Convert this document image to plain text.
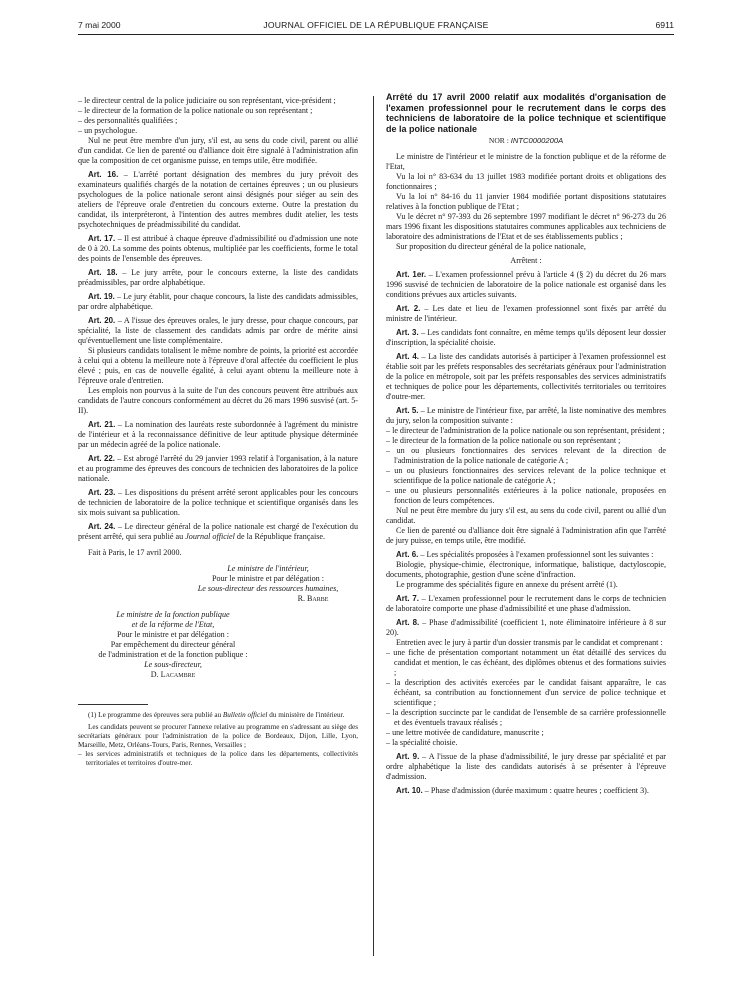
7 mai 2000	JOURNAL OFFICIEL DE LA RÉPUBLIQUE FRANÇAISE	6911

– le directeur central de la police judiciaire ou son représentant, vice-président ;

– le directeur de la formation de la police nationale ou son représentant ;

– des personnalités qualifiées ;

– un psychologue.

Nul ne peut être membre d'un jury, s'il est, au sens du code civil, parent ou allié d'un candidat. Ce lien de parenté ou d'alliance doit être signalé à l'administration afin que la composition de cet organisme puisse, en temps utile, être modifiée.

Art. 16. – L'arrêté portant désignation des membres du jury prévoit des examinateurs qualifiés chargés de la notation de certaines épreuves ; un ou plusieurs psychologues de la police nationale seront ainsi désignés pour siéger au sein des ateliers de l'épreuve orale d'entretien du concours externe. Outre la prestation du candidat, ils interpréteront, à l'intention des autres membres dudit atelier, les tests psychotechniques de préadmissibilité du candidat.

Art. 17. – Il est attribué à chaque épreuve d'admissibilité ou d'admission une note de 0 à 20. La somme des points obtenus, multipliée par les coefficients, forme le total des points de l'ensemble des épreuves.

Art. 18. – Le jury arrête, pour le concours externe, la liste des candidats préadmissibles, par ordre alphabétique.

Art. 19. – Le jury établit, pour chaque concours, la liste des candidats admissibles, par ordre alphabétique.

Art. 20. – A l'issue des épreuves orales, le jury dresse, pour chaque concours, par spécialité, la liste de classement des candidats admis par ordre de mérite ainsi qu'éventuellement une liste complémentaire.

Si plusieurs candidats totalisent le même nombre de points, la priorité est accordée à celui qui a obtenu la meilleure note à l'épreuve d'oral affectée du coefficient le plus élevé ; puis, en cas de nouvelle égalité, à celui ayant obtenu la meilleure note à l'épreuve orale d'entretien.

Les emplois non pourvus à la suite de l'un des concours peuvent être attribués aux candidats de l'autre concours conformément au décret du 26 mars 1996 susvisé (art. 5-II).

Art. 21. – La nomination des lauréats reste subordonnée à l'agrément du ministre de l'intérieur et à la reconnaissance définitive de leur aptitude physique déterminée par un médecin agréé de la police nationale.

Art. 22. – Est abrogé l'arrêté du 29 janvier 1993 relatif à l'organisation, à la nature et au programme des épreuves des concours de technicien des laboratoires de la police nationale.

Art. 23. – Les dispositions du présent arrêté seront applicables pour les concours de technicien de laboratoire de la police technique et scientifique organisés dans les six mois suivant sa publication.

Art. 24. – Le directeur général de la police nationale est chargé de l'exécution du présent arrêté, qui sera publié au Journal officiel de la République française.

Fait à Paris, le 17 avril 2000.

Le ministre de l'intérieur,

Pour le ministre et par délégation :

Le sous-directeur des ressources humaines,

R. Barbe

Le ministre de la fonction publique

et de la réforme de l'Etat,

Pour le ministre et par délégation :

Par empêchement du directeur général

de l'administration et de la fonction publique :

Le sous-directeur,

D. Lacambre

(1) Le programme des épreuves sera publié au Bulletin officiel du ministère de l'intérieur.

Les candidats peuvent se procurer l'annexe relative au programme en s'adressant au siège des secrétariats généraux pour l'administration de la police de Bordeaux, Dijon, Lille, Lyon, Marseille, Metz, Orléans-Tours, Paris, Rennes, Versailles ;

– les services administratifs et techniques de la police dans les départements, collectivités territoriales et territoires d'outre-mer.

Arrêté du 17 avril 2000 relatif aux modalités d'organisation de l'examen professionnel pour le recrutement dans le corps des techniciens de laboratoire de la police technique et scientifique de la police nationale

NOR : INTC0000200A

Le ministre de l'intérieur et le ministre de la fonction publique et de la réforme de l'Etat,

Vu la loi n° 83-634 du 13 juillet 1983 modifiée portant droits et obligations des fonctionnaires ;

Vu la loi n° 84-16 du 11 janvier 1984 modifiée portant dispositions statutaires relatives à la fonction publique de l'Etat ;

Vu le décret n° 97-393 du 26 septembre 1997 modifiant le décret n° 96-273 du 26 mars 1996 fixant les dispositions statutaires communes applicables aux techniciens de laboratoire des administrations de l'Etat et de ses établissements publics ;

Sur proposition du directeur général de la police nationale,

Arrêtent :

Art. 1er. – L'examen professionnel prévu à l'article 4 (§ 2) du décret du 26 mars 1996 susvisé de technicien de laboratoire de la police nationale est organisé dans les conditions prévues aux articles suivants.

Art. 2. – Les date et lieu de l'examen professionnel sont fixés par arrêté du ministre de l'intérieur.

Art. 3. – Les candidats font connaître, en même temps qu'ils déposent leur dossier d'inscription, la spécialité choisie.

Art. 4. – La liste des candidats autorisés à participer à l'examen professionnel est établie soit par les préfets responsables des secrétariats généraux pour l'administration de la police en métropole, soit par les préfets responsables des services administratifs et techniques de police pour les départements, collectivités territoriales ou territoires d'outre-mer.

Art. 5. – Le ministre de l'intérieur fixe, par arrêté, la liste nominative des membres du jury, selon la composition suivante :

– le directeur de l'administration de la police nationale ou son représentant, président ;

– le directeur de la formation de la police nationale ou son représentant ;

– un ou plusieurs fonctionnaires des services relevant de la direction de l'administration de la police nationale de catégorie A ;

– un ou plusieurs fonctionnaires des services relevant de la police technique et scientifique de la police nationale de catégorie A ;

– une ou plusieurs personnalités extérieures à la police nationale, proposées en fonction de leurs compétences.

Nul ne peut être membre du jury s'il est, au sens du code civil, parent ou allié d'un candidat.

Ce lien de parenté ou d'alliance doit être signalé à l'administration afin que l'arrêté de jury puisse, en temps utile, être modifié.

Art. 6. – Les spécialités proposées à l'examen professionnel sont les suivantes :

Biologie, physique-chimie, électronique, informatique, balistique, dactyloscopie, documents, photographie, gestion d'une scène d'infraction.

Le programme des spécialités figure en annexe du présent arrêté (1).

Art. 7. – L'examen professionnel pour le recrutement dans le corps de technicien de laboratoire comporte une phase d'admissibilité et une phase d'admission.

Art. 8. – Phase d'admissibilité (coefficient 1, note éliminatoire inférieure à 8 sur 20).

Entretien avec le jury à partir d'un dossier transmis par le candidat et comprenant :

– une fiche de présentation comportant notamment un état détaillé des services du candidat et mention, le cas échéant, des diplômes obtenus et des formations suivies ;

– la description des activités exercées par le candidat faisant apparaître, le cas échéant, sa contribution au fonctionnement d'un service de police technique et scientifique ;

– la description succincte par le candidat de l'ensemble de sa carrière professionnelle et des éventuels travaux réalisés ;

– une lettre motivée de candidature, manuscrite ;

– la spécialité choisie.

Art. 9. – A l'issue de la phase d'admissibilité, le jury dresse par spécialité et par ordre alphabétique la liste des candidats autorisés à se présenter à l'épreuve d'admission.

Art. 10. – Phase d'admission (durée maximum : quatre heures ; coefficient 3).
